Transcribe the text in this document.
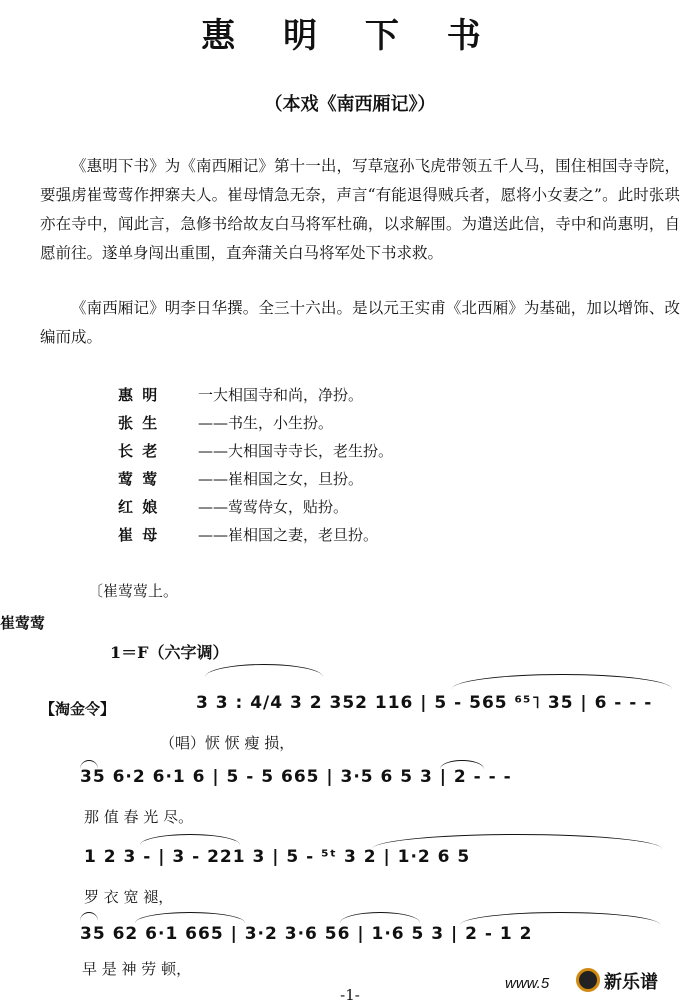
惠 明 下 书
（本戏《南西厢记》）
《惠明下书》为《南西厢记》第十一出，写草寇孙飞虎带领五千人马，围住相国寺寺院，要强虏崔莺莺作押寨夫人。崔母情急无奈，声言“有能退得贼兵者，愿将小女妻之”。此时张珙亦在寺中，闻此言，急修书给故友白马将军杜确，以求解围。为遣送此信，寺中和尚惠明，自愿前往。遂单身闯出重围，直奔蒲关白马将军处下书求救。
《南西厢记》明李日华撰。全三十六出。是以元王实甫《北西厢》为基础，加以增饰、改编而成。
惠 明	一大相国寺和尚，净扮。
张 生	——书生，小生扮。
长 老	——大相国寺寺长，老生扮。
莺 莺	——崔相国之女，旦扮。
红 娘	——莺莺侍女，贴扮。
崔 母	——崔相国之妻，老旦扮。
〔崔莺莺上。
崔莺莺
1＝F（六字调）
【淘金令】	3 3 : 4/4 3 2 352 116 | 5 - 565 ⁶⁵˥ 35 | 6 - - -
（唱）恹 恹 瘦 损，
35 6·2 6·1 6 | 5 - 5 665 | 3·5 6 5 3 | 2 - - -
那 值 春 光 尽。
1 2 3 - | 3 - 221 3 | 5 - ⁵ᵗ 3 2 | 1·2 6 5
罗 衣 宽 褪，
35 62 6·1 665 | 3·2 3·6 56 | 1·6 5 3 | 2 - 1 2
早 是 神 劳 顿，
-1-
www.5	新乐谱
